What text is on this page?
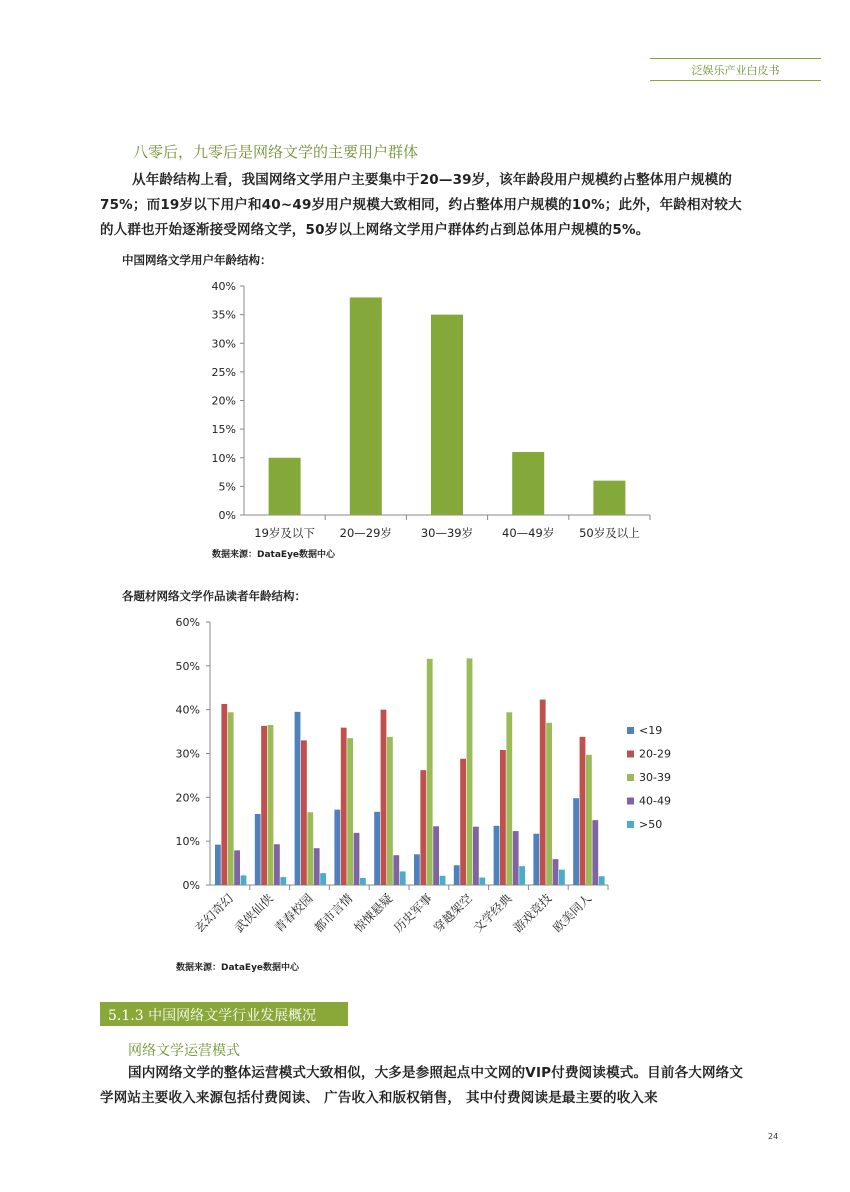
泛娱乐产业白皮书
八零后，九零后是网络文学的主要用户群体
从年龄结构上看，我国网络文学用户主要集中于20—39岁，该年龄段用户规模约占整体用户规模的75%；而19岁以下用户和40~49岁用户规模大致相同，约占整体用户规模的10%；此外，年龄相对较大的人群也开始逐渐接受网络文学，50岁以上网络文学用户群体约占到总体用户规模的5%。
中国网络文学用户年龄结构：
0%
5%
10%
15%
20%
25%
30%
35%
40%
19岁及以下 20—29岁	30—39岁	40—49岁 50岁及以上
数据来源：DataEye数据中心
各题材网络文学作品读者年龄结构：
0%
10%
20%
30%
40%
50%
60%
玄幻奇幻
武侠仙侠
青春校园
都市言情
惊悚悬疑
历史军事
穿越架空
文学经典
游戏竞技
欧美同人
<19
20-29
30-39
40-49
>50
数据来源：DataEye数据中心
5.1.3 中国网络文学行业发展概况
网络文学运营模式
国内网络文学的整体运营模式大致相似，大多是参照起点中文网的VIP付费阅读模式。目前各大网络文学网站主要收入来源包括付费阅读、 广告收入和版权销售， 其中付费阅读是最主要的收入来
24
